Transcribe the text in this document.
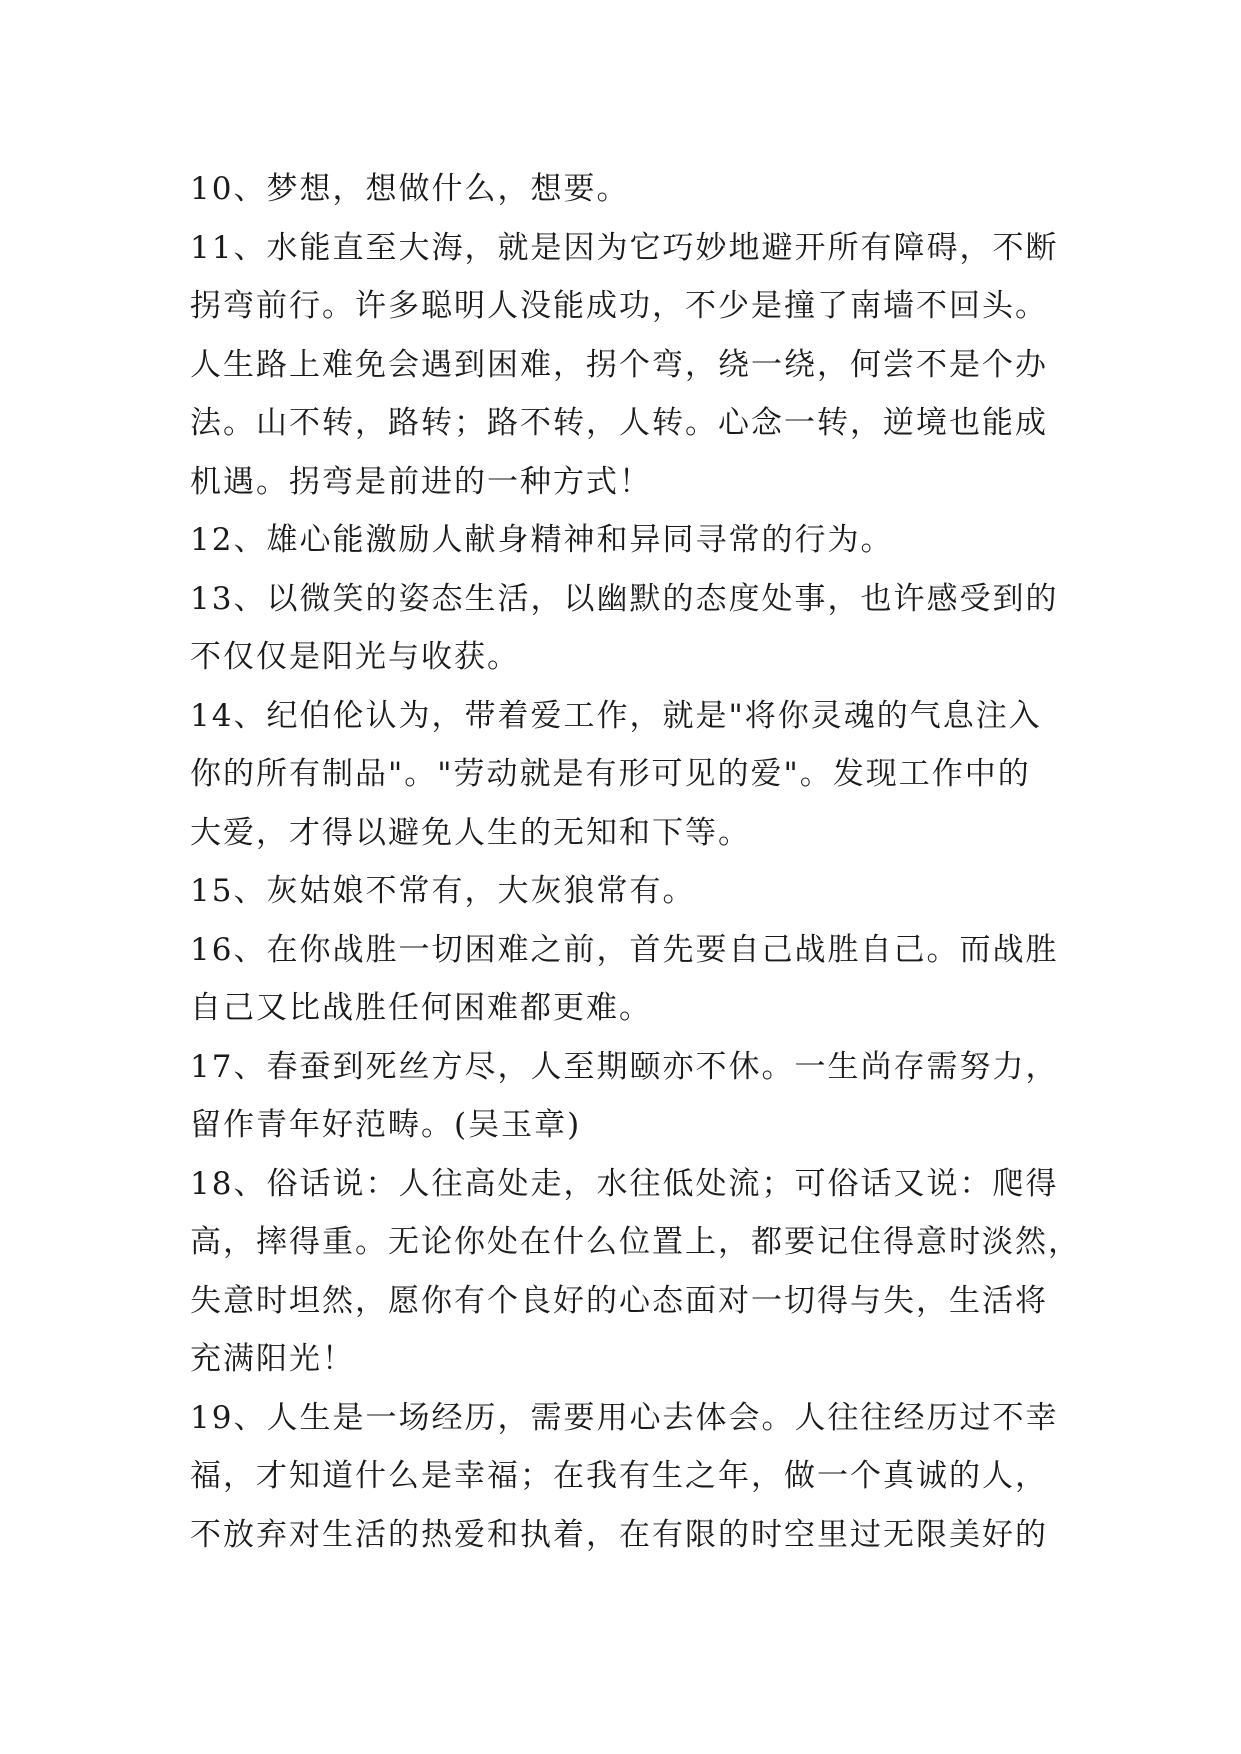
10、梦想，想做什么，想要。
11、水能直至大海，就是因为它巧妙地避开所有障碍，不断
拐弯前行。许多聪明人没能成功，不少是撞了南墙不回头。
人生路上难免会遇到困难，拐个弯，绕一绕，何尝不是个办
法。山不转，路转；路不转，人转。心念一转，逆境也能成
机遇。拐弯是前进的一种方式！
12、雄心能激励人献身精神和异同寻常的行为。
13、以微笑的姿态生活，以幽默的态度处事，也许感受到的
不仅仅是阳光与收获。
14、纪伯伦认为，带着爱工作，就是"将你灵魂的气息注入
你的所有制品"。"劳动就是有形可见的爱"。发现工作中的
大爱，才得以避免人生的无知和下等。
15、灰姑娘不常有，大灰狼常有。
16、在你战胜一切困难之前，首先要自己战胜自己。而战胜
自己又比战胜任何困难都更难。
17、春蚕到死丝方尽，人至期颐亦不休。一生尚存需努力，
留作青年好范畴。(吴玉章)
18、俗话说：人往高处走，水往低处流；可俗话又说：爬得
高，摔得重。无论你处在什么位置上，都要记住得意时淡然，
失意时坦然，愿你有个良好的心态面对一切得与失，生活将
充满阳光！
19、人生是一场经历，需要用心去体会。人往往经历过不幸
福，才知道什么是幸福；在我有生之年，做一个真诚的人，
不放弃对生活的热爱和执着，在有限的时空里过无限美好的
